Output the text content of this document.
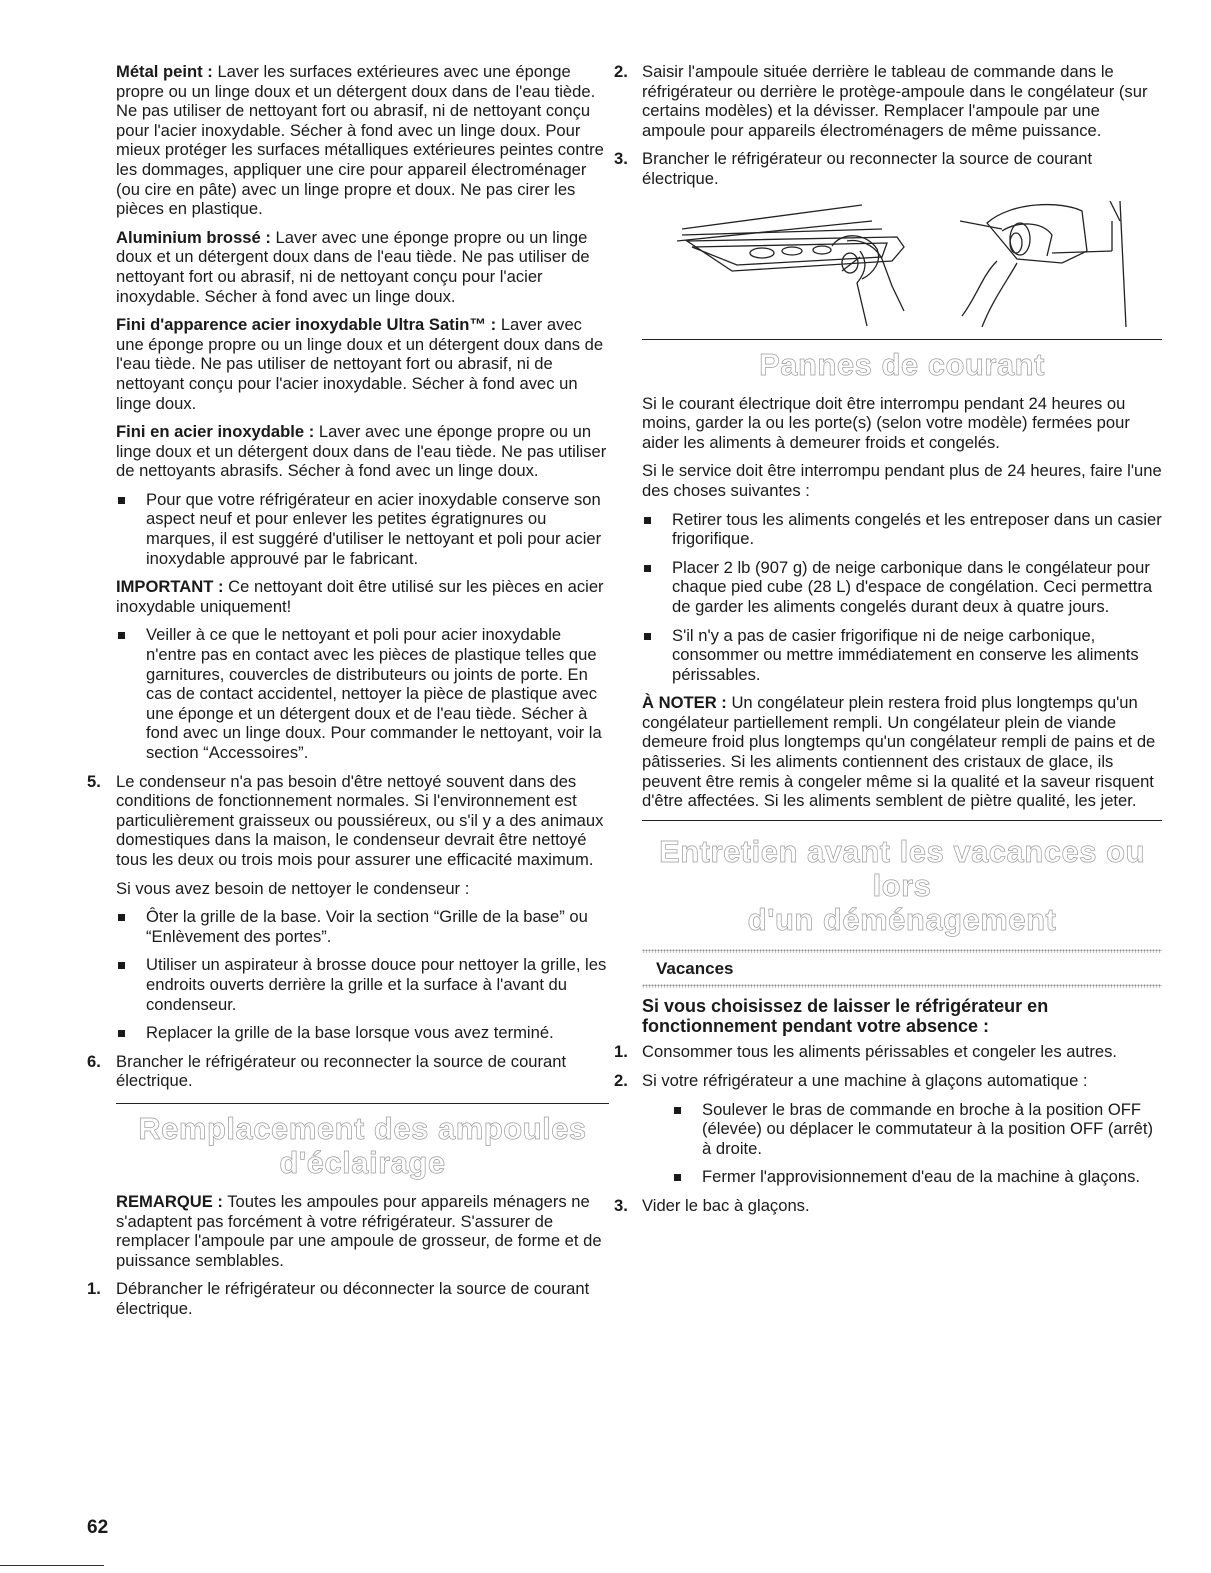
Métal peint : Laver les surfaces extérieures avec une éponge propre ou un linge doux et un détergent doux dans de l'eau tiède. Ne pas utiliser de nettoyant fort ou abrasif, ni de nettoyant conçu pour l'acier inoxydable. Sécher à fond avec un linge doux. Pour mieux protéger les surfaces métalliques extérieures peintes contre les dommages, appliquer une cire pour appareil électroménager (ou cire en pâte) avec un linge propre et doux. Ne pas cirer les pièces en plastique.

Aluminium brossé : Laver avec une éponge propre ou un linge doux et un détergent doux dans de l'eau tiède. Ne pas utiliser de nettoyant fort ou abrasif, ni de nettoyant conçu pour l'acier inoxydable. Sécher à fond avec un linge doux.

Fini d'apparence acier inoxydable Ultra Satin™ : Laver avec une éponge propre ou un linge doux et un détergent doux dans de l'eau tiède. Ne pas utiliser de nettoyant fort ou abrasif, ni de nettoyant conçu pour l'acier inoxydable. Sécher à fond avec un linge doux.

Fini en acier inoxydable : Laver avec une éponge propre ou un linge doux et un détergent doux dans de l'eau tiède. Ne pas utiliser de nettoyants abrasifs. Sécher à fond avec un linge doux.

Pour que votre réfrigérateur en acier inoxydable conserve son aspect neuf et pour enlever les petites égratignures ou marques, il est suggéré d'utiliser le nettoyant et poli pour acier inoxydable approuvé par le fabricant.

IMPORTANT : Ce nettoyant doit être utilisé sur les pièces en acier inoxydable uniquement!

Veiller à ce que le nettoyant et poli pour acier inoxydable n'entre pas en contact avec les pièces de plastique telles que garnitures, couvercles de distributeurs ou joints de porte. En cas de contact accidentel, nettoyer la pièce de plastique avec une éponge et un détergent doux et de l'eau tiède. Sécher à fond avec un linge doux. Pour commander le nettoyant, voir la section “Accessoires”.
5. Le condenseur n'a pas besoin d'être nettoyé souvent dans des conditions de fonctionnement normales. Si l'environnement est particulièrement graisseux ou poussiéreux, ou s'il y a des animaux domestiques dans la maison, le condenseur devrait être nettoyé tous les deux ou trois mois pour assurer une efficacité maximum.

Si vous avez besoin de nettoyer le condenseur :

Ôter la grille de la base. Voir la section “Grille de la base” ou “Enlèvement des portes”.
Utiliser un aspirateur à brosse douce pour nettoyer la grille, les endroits ouverts derrière la grille et la surface à l'avant du condenseur.
Replacer la grille de la base lorsque vous avez terminé.
6. Brancher le réfrigérateur ou reconnecter la source de courant électrique.
Remplacement des ampoules
d'éclairage

REMARQUE : Toutes les ampoules pour appareils ménagers ne s'adaptent pas forcément à votre réfrigérateur. S'assurer de remplacer l'ampoule par une ampoule de grosseur, de forme et de puissance semblables.

1. Débrancher le réfrigérateur ou déconnecter la source de courant électrique.
2. Saisir l'ampoule située derrière le tableau de commande dans le réfrigérateur ou derrière le protège-ampoule dans le congélateur (sur certains modèles) et la dévisser. Remplacer l'ampoule par une ampoule pour appareils électroménagers de même puissance.
3. Brancher le réfrigérateur ou reconnecter la source de courant électrique.
Pannes de courant

Si le courant électrique doit être interrompu pendant 24 heures ou moins, garder la ou les porte(s) (selon votre modèle) fermées pour aider les aliments à demeurer froids et congelés.

Si le service doit être interrompu pendant plus de 24 heures, faire l'une des choses suivantes :

Retirer tous les aliments congelés et les entreposer dans un casier frigorifique.
Placer 2 lb (907 g) de neige carbonique dans le congélateur pour chaque pied cube (28 L) d'espace de congélation. Ceci permettra de garder les aliments congelés durant deux à quatre jours.
S'il n'y a pas de casier frigorifique ni de neige carbonique, consommer ou mettre immédiatement en conserve les aliments périssables.

À NOTER : Un congélateur plein restera froid plus longtemps qu'un congélateur partiellement rempli. Un congélateur plein de viande demeure froid plus longtemps qu'un congélateur rempli de pains et de pâtisseries. Si les aliments contiennent des cristaux de glace, ils peuvent être remis à congeler même si la qualité et la saveur risquent d'être affectées. Si les aliments semblent de piètre qualité, les jeter.

Entretien avant les vacances ou lors
d'un déménagement
Vacances
Si vous choisissez de laisser le réfrigérateur en fonctionnement pendant votre absence :
1. Consommer tous les aliments périssables et congeler les autres.
2. Si votre réfrigérateur a une machine à glaçons automatique :
Soulever le bras de commande en broche à la position OFF (élevée) ou déplacer le commutateur à la position OFF (arrêt) à droite.
Fermer l'approvisionnement d'eau de la machine à glaçons.
3. Vider le bac à glaçons.
62
